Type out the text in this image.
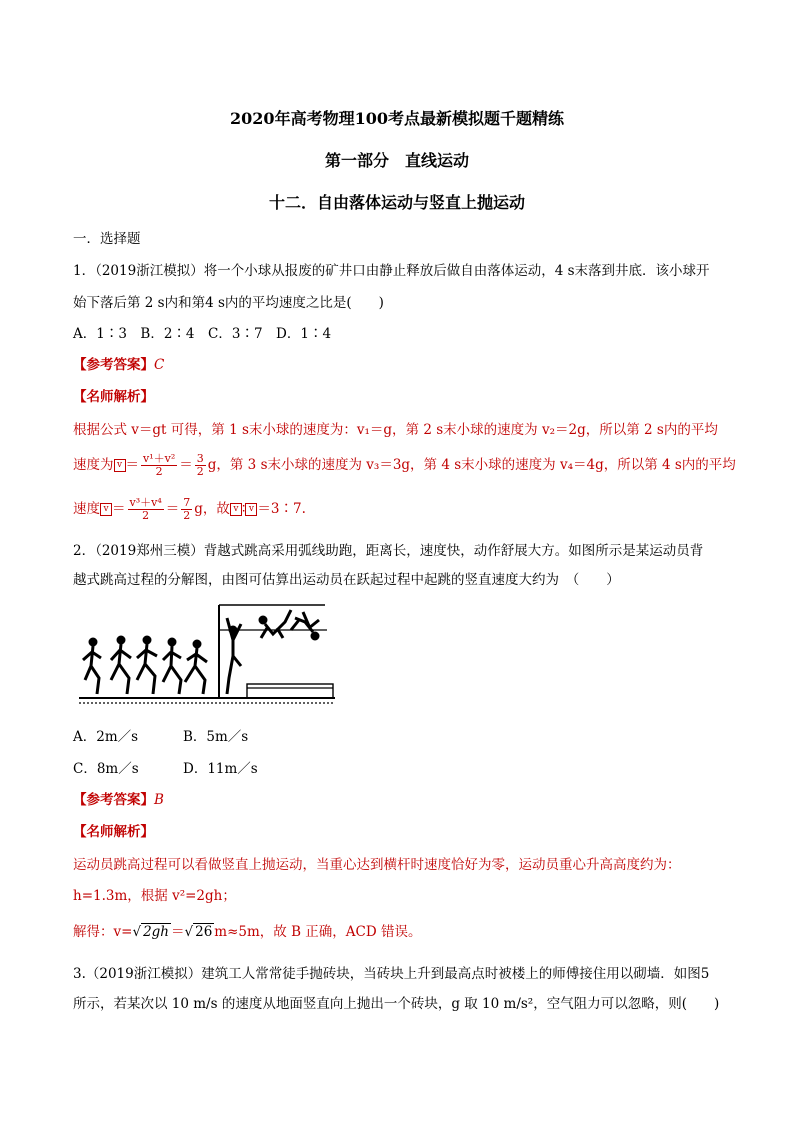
2020年高考物理100考点最新模拟题千题精练
第一部分　直线运动
十二．自由落体运动与竖直上抛运动
一．选择题
1．（2019浙江模拟）将一个小球从报废的矿井口由静止释放后做自由落体运动，4 s末落到井底．该小球开
始下落后第 2 s内和第4 s内的平均速度之比是(　　)
A．1∶3　B．2∶4　C．3∶7　D．1∶4
【参考答案】C
【名师解析】
根据公式 v＝gt 可得，第 1 s末小球的速度为：v₁＝g，第 2 s末小球的速度为 v₂＝2g，所以第 2 s内的平均
速度为 $v = \frac{\text{v¹＋v²}}{2} = \frac{3}{2}$ g，第 3 s末小球的速度为 v₃＝3g，第 4 s末小球的速度为 v₄＝4g，所以第 4 s内的平均
速度 $v = \frac{\text{v³＋v⁴}}{2} = \frac{7}{2}$ g，故 v ∶ v ＝3∶7.
2．（2019郑州三模）背越式跳高采用弧线助跑，距离长，速度快，动作舒展大方。如图所示是某运动员背
越式跳高过程的分解图，由图可估算出运动员在跃起过程中起跳的竖直速度大约为　（　　）
A．2m／s	B．5m／s
C．8m／s	D．11m／s
【参考答案】B
【名师解析】
运动员跳高过程可以看做竖直上抛运动，当重心达到横杆时速度恰好为零，运动员重心升高高度约为：
h=1.3m，根据 v²=2gh；
解得：v=√ 2gh ＝√ 26 m≈5m，故 B 正确，ACD 错误。
3.（2019浙江模拟）建筑工人常常徒手抛砖块，当砖块上升到最高点时被楼上的师傅接住用以砌墙．如图5
所示，若某次以 10 m/s 的速度从地面竖直向上抛出一个砖块，g 取 10 m/s²，空气阻力可以忽略，则(　　)
